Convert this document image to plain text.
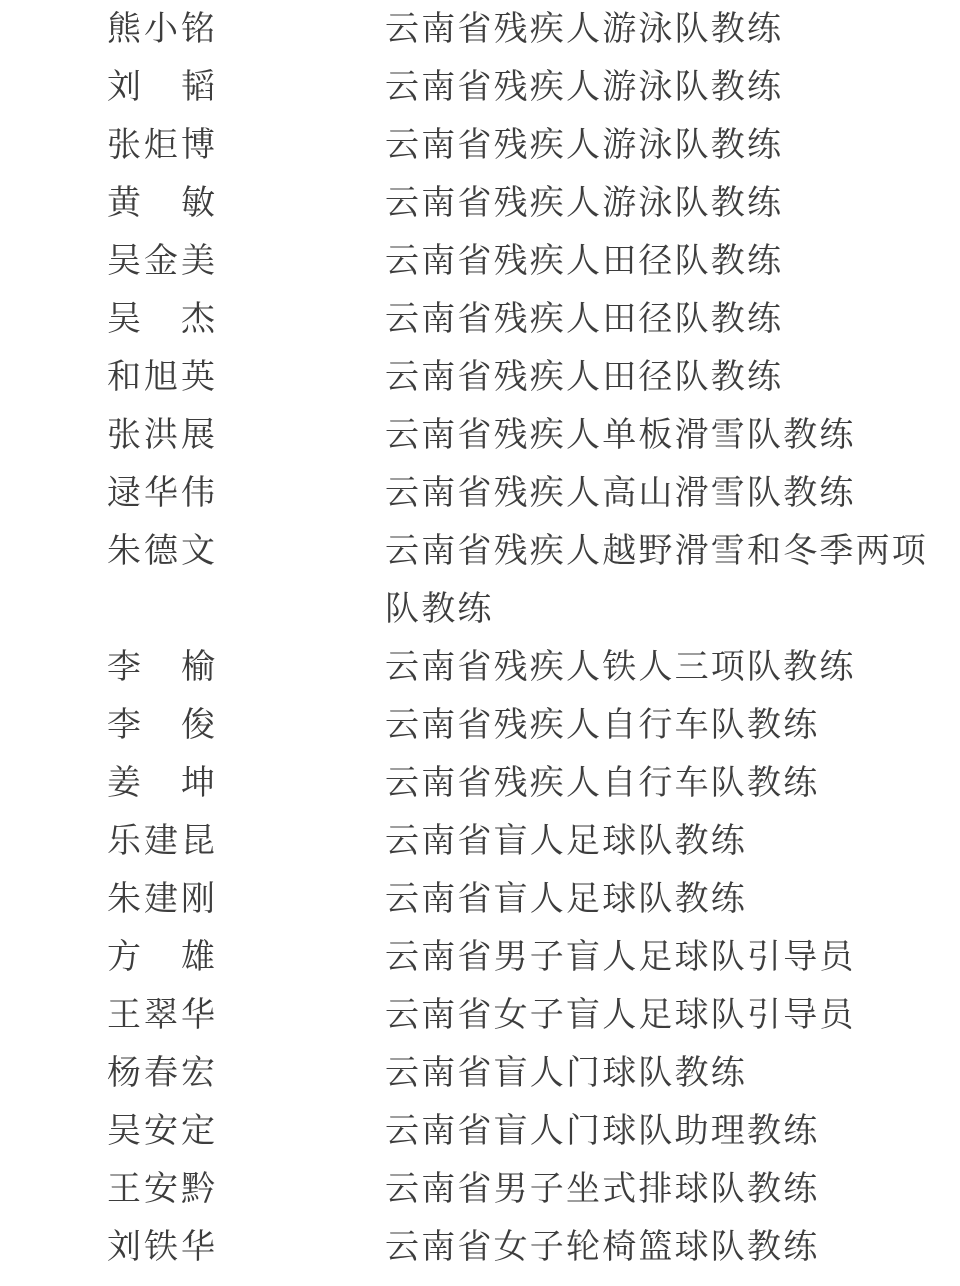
熊小铭	云南省残疾人游泳队教练
刘韬	云南省残疾人游泳队教练
张炬博	云南省残疾人游泳队教练
黄敏	云南省残疾人游泳队教练
吴金美	云南省残疾人田径队教练
吴杰	云南省残疾人田径队教练
和旭英	云南省残疾人田径队教练
张洪展	云南省残疾人单板滑雪队教练
逯华伟	云南省残疾人高山滑雪队教练
朱德文	云南省残疾人越野滑雪和冬季两项队教练
李榆	云南省残疾人铁人三项队教练
李俊	云南省残疾人自行车队教练
姜坤	云南省残疾人自行车队教练
乐建昆	云南省盲人足球队教练
朱建刚	云南省盲人足球队教练
方雄	云南省男子盲人足球队引导员
王翠华	云南省女子盲人足球队引导员
杨春宏	云南省盲人门球队教练
吴安定	云南省盲人门球队助理教练
王安黔	云南省男子坐式排球队教练
刘铁华	云南省女子轮椅篮球队教练
